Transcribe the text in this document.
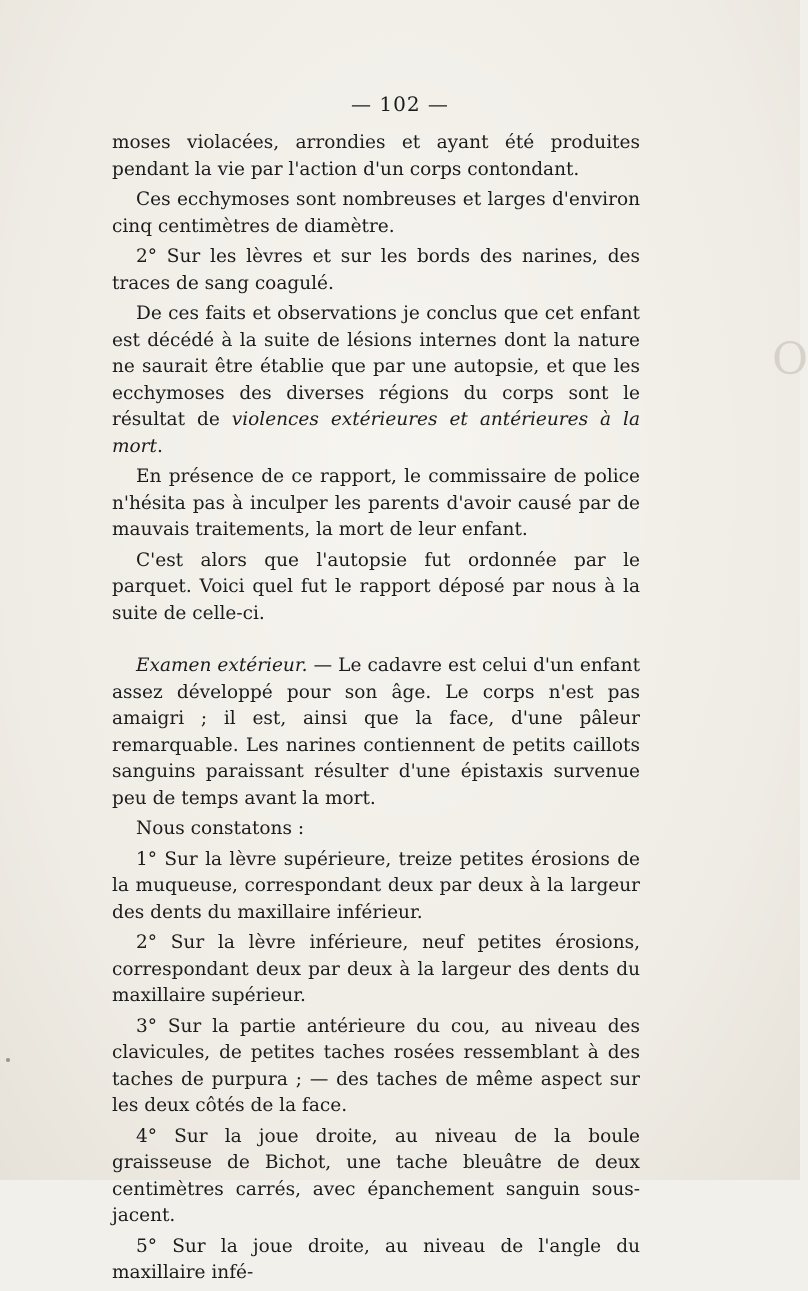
O
— 102 —

moses violacées, arrondies et ayant été produites pendant la vie par l'action d'un corps contondant.

Ces ecchymoses sont nombreuses et larges d'environ cinq centimètres de diamètre.

2° Sur les lèvres et sur les bords des narines, des traces de sang coagulé.

De ces faits et observations je conclus que cet enfant est décédé à la suite de lésions internes dont la nature ne saurait être établie que par une autopsie, et que les ecchymoses des diverses régions du corps sont le résultat de violences extérieures et antérieures à la mort.

En présence de ce rapport, le commissaire de police n'hésita pas à inculper les parents d'avoir causé par de mauvais traitements, la mort de leur enfant.

C'est alors que l'autopsie fut ordonnée par le parquet. Voici quel fut le rapport déposé par nous à la suite de celle-ci.

Examen extérieur. — Le cadavre est celui d'un enfant assez développé pour son âge. Le corps n'est pas amaigri ; il est, ainsi que la face, d'une pâleur remarquable. Les narines contiennent de petits caillots sanguins paraissant résulter d'une épistaxis survenue peu de temps avant la mort.

Nous constatons :

1° Sur la lèvre supérieure, treize petites érosions de la muqueuse, correspondant deux par deux à la largeur des dents du maxillaire inférieur.

2° Sur la lèvre inférieure, neuf petites érosions, correspondant deux par deux à la largeur des dents du maxillaire supérieur.

3° Sur la partie antérieure du cou, au niveau des clavicules, de petites taches rosées ressemblant à des taches de purpura ; — des taches de même aspect sur les deux côtés de la face.

4° Sur la joue droite, au niveau de la boule graisseuse de Bichot, une tache bleuâtre de deux centimètres carrés, avec épanchement sanguin sous-jacent.

5° Sur la joue droite, au niveau de l'angle du maxillaire infé-
